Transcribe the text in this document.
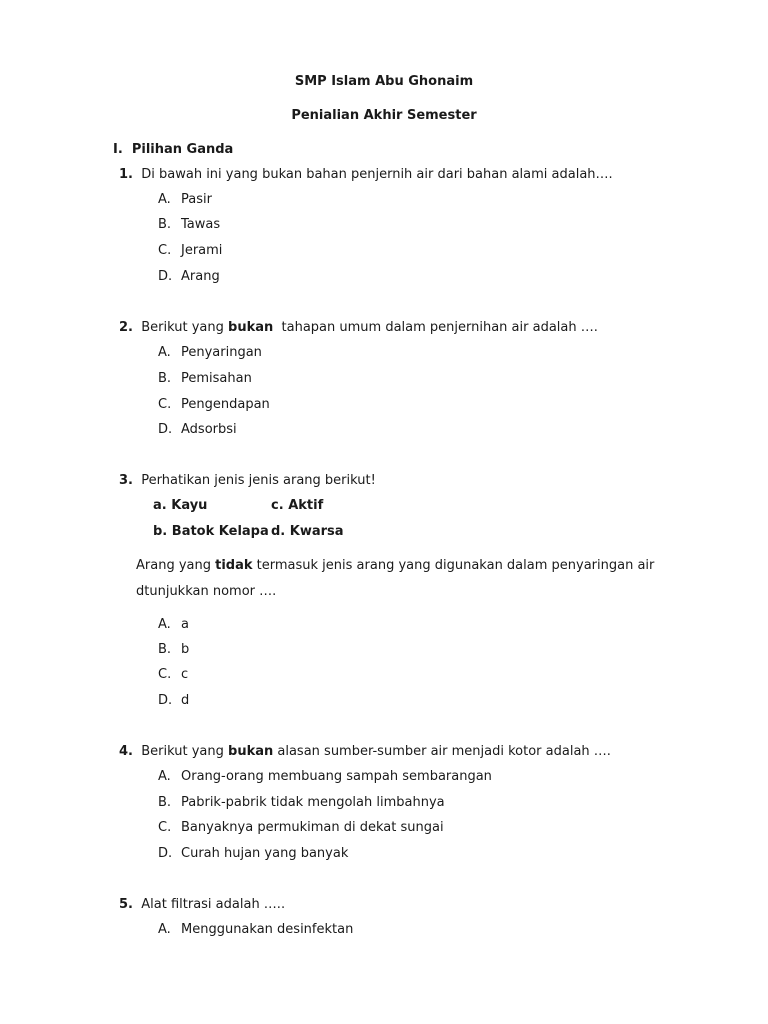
SMP Islam Abu Ghonaim
Penialian Akhir Semester
I. Pilihan Ganda
1. Di bawah ini yang bukan bahan penjernih air dari bahan alami adalah….
A. Pasir
B. Tawas
C. Jerami
D. Arang
2. Berikut yang bukan tahapan umum dalam penjernihan air adalah ….
A. Penyaringan
B. Pemisahan
C. Pengendapan
D. Adsorbsi
3. Perhatikan jenis jenis arang berikut!
a. Kayu	c. Aktif
b. Batok Kelapa d. Kwarsa
Arang yang tidak termasuk jenis arang yang digunakan dalam penyaringan air
dtunjukkan nomor ….
A. a
B. b
C. c
D. d
4. Berikut yang bukan alasan sumber-sumber air menjadi kotor adalah ….
A. Orang-orang membuang sampah sembarangan
B. Pabrik-pabrik tidak mengolah limbahnya
C. Banyaknya permukiman di dekat sungai
D. Curah hujan yang banyak
5. Alat filtrasi adalah …..
A. Menggunakan desinfektan
